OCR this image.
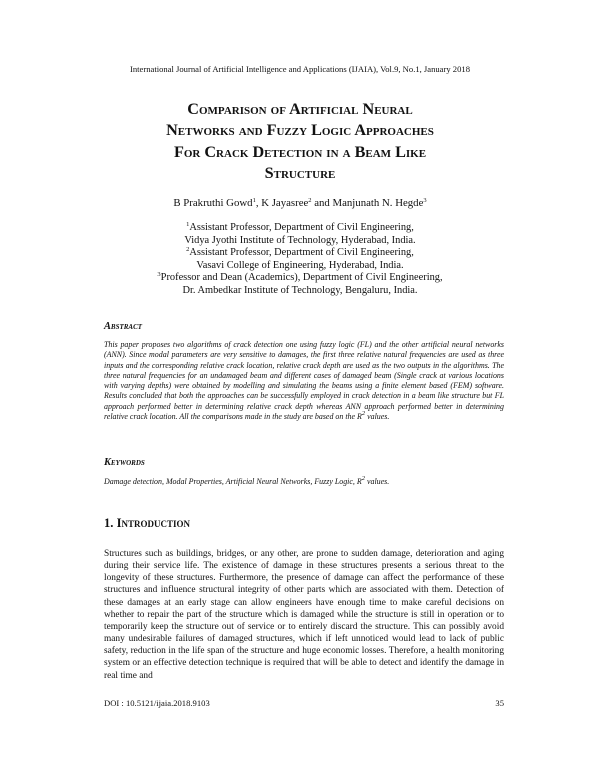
International Journal of Artificial Intelligence and Applications (IJAIA), Vol.9, No.1, January 2018
Comparison of Artificial Neural
Networks and Fuzzy Logic Approaches
For Crack Detection in a Beam Like
Structure
B Prakruthi Gowd$^1$, K Jayasree$^2$ and Manjunath N. Hegde$^3$
$^1$Assistant Professor, Department of Civil Engineering,
Vidya Jyothi Institute of Technology, Hyderabad, India.
$^2$Assistant Professor, Department of Civil Engineering,
Vasavi College of Engineering, Hyderabad, India.
$^3$Professor and Dean (Academics), Department of Civil Engineering,
Dr. Ambedkar Institute of Technology, Bengaluru, India.
Abstract
This paper proposes two algorithms of crack detection one using fuzzy logic (FL) and the other artificial neural networks (ANN). Since modal parameters are very sensitive to damages, the first three relative natural frequencies are used as three inputs and the corresponding relative crack location, relative crack depth are used as the two outputs in the algorithms. The three natural frequencies for an undamaged beam and different cases of damaged beam (Single crack at various locations with varying depths) were obtained by modelling and simulating the beams using a finite element based (FEM) software. Results concluded that both the approaches can be successfully employed in crack detection in a beam like structure but FL approach performed better in determining relative crack depth whereas ANN approach performed better in determining relative crack location. All the comparisons made in the study are based on the $R^2$ values.
Keywords
Damage detection, Modal Properties, Artificial Neural Networks, Fuzzy Logic, $R^2$ values.
1. Introduction

Structures such as buildings, bridges, or any other, are prone to sudden damage, deterioration and aging during their service life. The existence of damage in these structures presents a serious threat to the longevity of these structures. Furthermore, the presence of damage can affect the performance of these structures and influence structural integrity of other parts which are associated with them. Detection of these damages at an early stage can allow engineers have enough time to make careful decisions on whether to repair the part of the structure which is damaged while the structure is still in operation or to temporarily keep the structure out of service or to entirely discard the structure. This can possibly avoid many undesirable failures of damaged structures, which if left unnoticed would lead to lack of public safety, reduction in the life span of the structure and huge economic losses. Therefore, a health monitoring system or an effective detection technique is required that will be able to detect and identify the damage in real time and

DOI : 10.5121/ijaia.2018.9103	35
